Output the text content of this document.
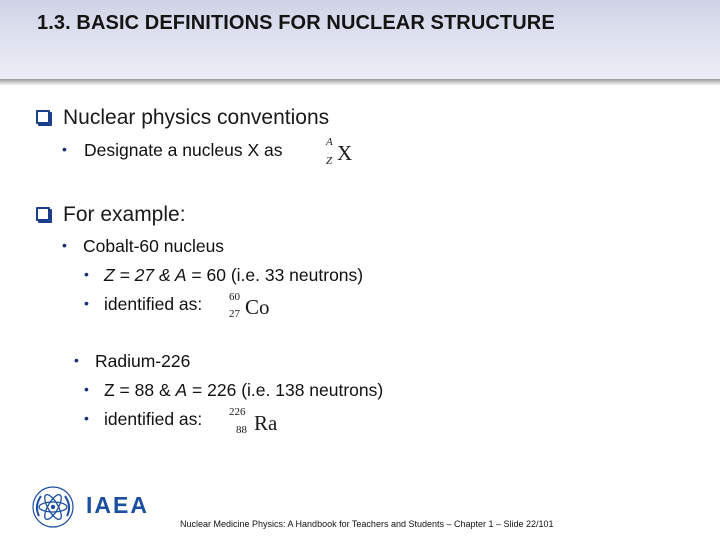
1.3. BASIC DEFINITIONS FOR NUCLEAR STRUCTURE
Nuclear physics conventions
• Designate a nucleus X as	A
Z X
For example:
• Cobalt-60 nucleus
• Z = 27 & A = 60 (i.e. 33 neutrons)
• identified as: 60
27 Co
• Radium-226
• Z = 88 & A = 226 (i.e. 138 neutrons)
• identified as: 226
88 Ra
IAEA
Nuclear Medicine Physics: A Handbook for Teachers and Students – Chapter 1 – Slide 22/101
